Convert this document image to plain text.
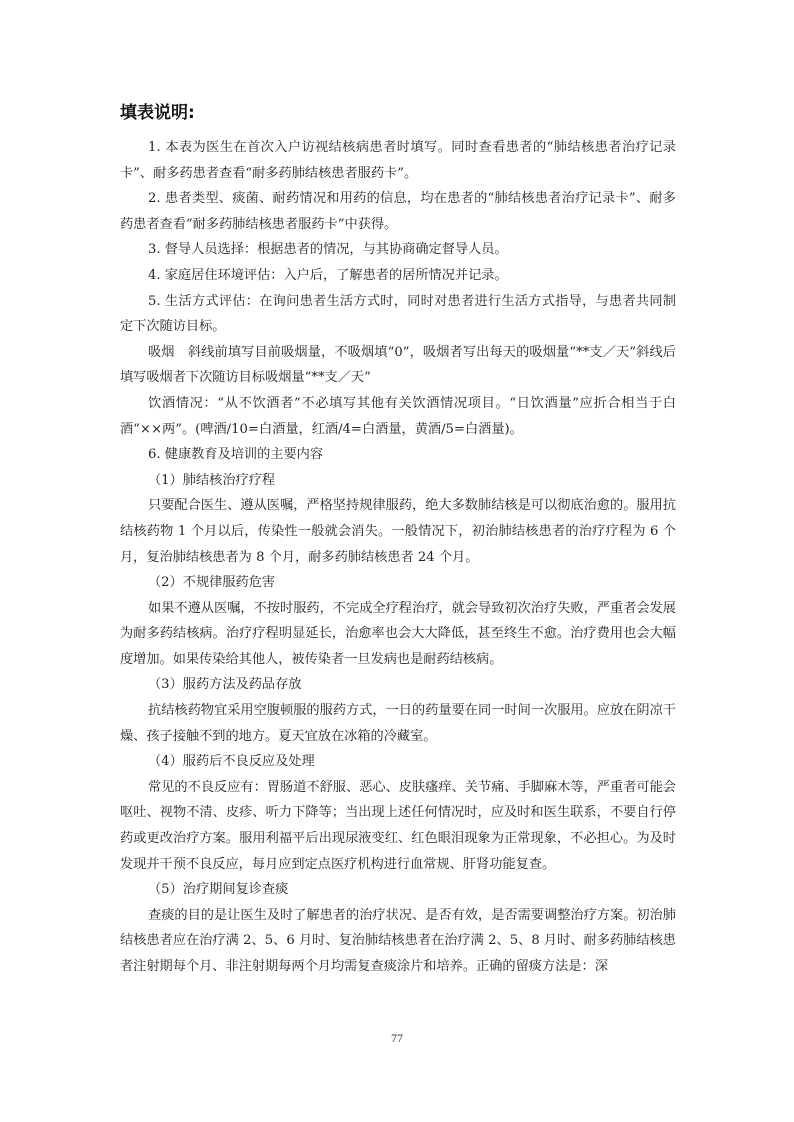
填表说明:

1. 本表为医生在首次入户访视结核病患者时填写。同时查看患者的“肺结核患者治疗记录卡”、耐多药患者查看“耐多药肺结核患者服药卡”。

2. 患者类型、痰菌、耐药情况和用药的信息，均在患者的“肺结核患者治疗记录卡”、耐多药患者查看“耐多药肺结核患者服药卡”中获得。

3. 督导人员选择：根据患者的情况，与其协商确定督导人员。

4. 家庭居住环境评估：入户后，了解患者的居所情况并记录。

5. 生活方式评估：在询问患者生活方式时，同时对患者进行生活方式指导，与患者共同制定下次随访目标。

吸烟　斜线前填写目前吸烟量，不吸烟填“0”，吸烟者写出每天的吸烟量“**支／天”斜线后填写吸烟者下次随访目标吸烟量“**支／天”

饮酒情况：“从不饮酒者”不必填写其他有关饮酒情况项目。“日饮酒量”应折合相当于白酒“××两”。(啤酒/10=白酒量，红酒/4=白酒量，黄酒/5=白酒量)。

6. 健康教育及培训的主要内容

（1）肺结核治疗疗程

只要配合医生、遵从医嘱，严格坚持规律服药，绝大多数肺结核是可以彻底治愈的。服用抗结核药物 1 个月以后，传染性一般就会消失。一般情况下，初治肺结核患者的治疗疗程为 6 个月，复治肺结核患者为 8 个月，耐多药肺结核患者 24 个月。

（2）不规律服药危害

如果不遵从医嘱，不按时服药，不完成全疗程治疗，就会导致初次治疗失败，严重者会发展为耐多药结核病。治疗疗程明显延长，治愈率也会大大降低，甚至终生不愈。治疗费用也会大幅度增加。如果传染给其他人，被传染者一旦发病也是耐药结核病。

（3）服药方法及药品存放

抗结核药物宜采用空腹顿服的服药方式，一日的药量要在同一时间一次服用。应放在阴凉干燥、孩子接触不到的地方。夏天宜放在冰箱的冷藏室。

（4）服药后不良反应及处理

常见的不良反应有：胃肠道不舒服、恶心、皮肤瘙痒、关节痛、手脚麻木等，严重者可能会呕吐、视物不清、皮疹、听力下降等；当出现上述任何情况时，应及时和医生联系，不要自行停药或更改治疗方案。服用利福平后出现尿液变红、红色眼泪现象为正常现象，不必担心。为及时发现并干预不良反应，每月应到定点医疗机构进行血常规、肝肾功能复查。

（5）治疗期间复诊查痰

查痰的目的是让医生及时了解患者的治疗状况、是否有效，是否需要调整治疗方案。初治肺结核患者应在治疗满 2、5、6 月时、复治肺结核患者在治疗满 2、5、8 月时、耐多药肺结核患者注射期每个月、非注射期每两个月均需复查痰涂片和培养。正确的留痰方法是：深

77
